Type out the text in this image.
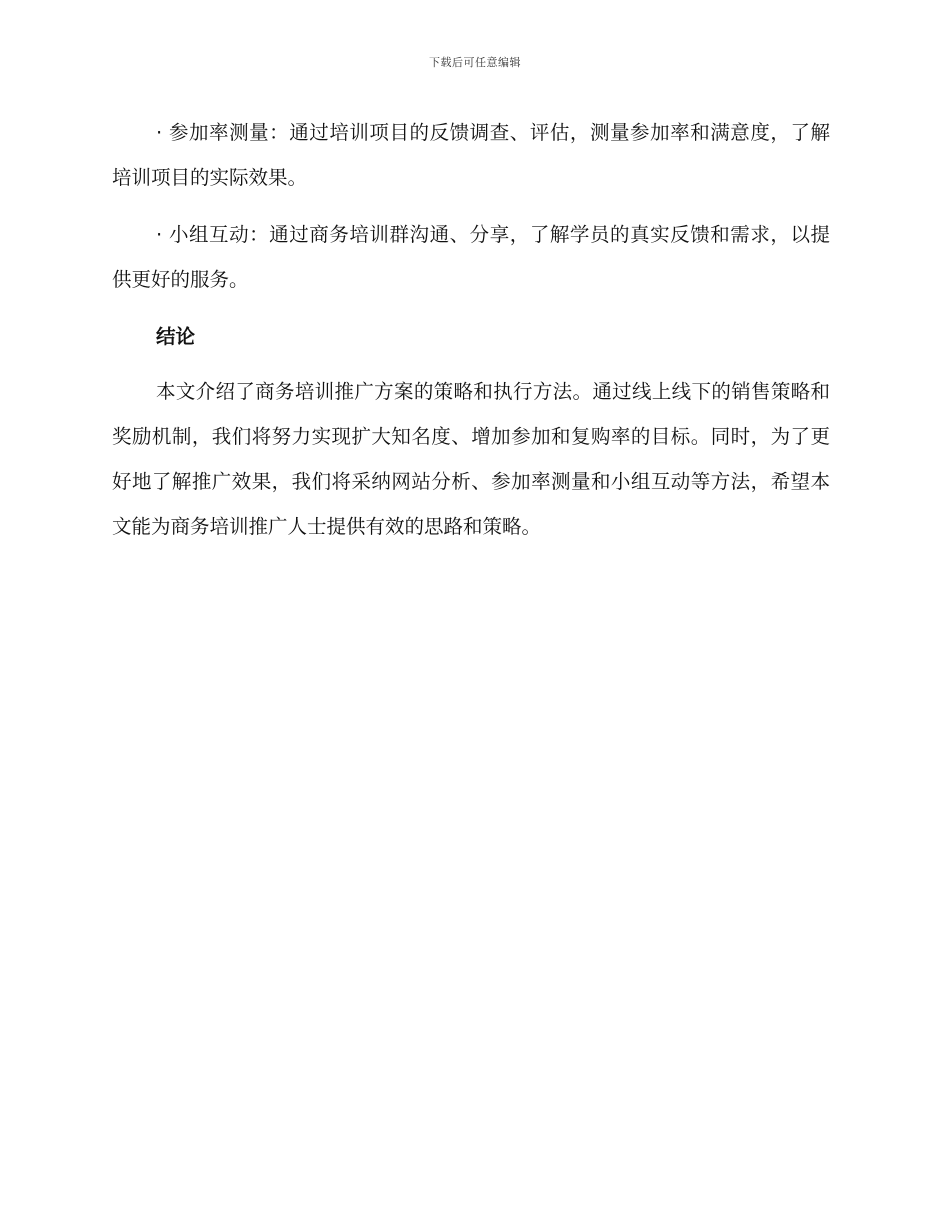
下载后可任意编辑

· 参加率测量：通过培训项目的反馈调查、评估，测量参加率和满意度，了解培训项目的实际效果。

· 小组互动：通过商务培训群沟通、分享，了解学员的真实反馈和需求，以提供更好的服务。

结论

本文介绍了商务培训推广方案的策略和执行方法。通过线上线下的销售策略和奖励机制，我们将努力实现扩大知名度、增加参加和复购率的目标。同时，为了更好地了解推广效果，我们将采纳网站分析、参加率测量和小组互动等方法，希望本文能为商务培训推广人士提供有效的思路和策略。
